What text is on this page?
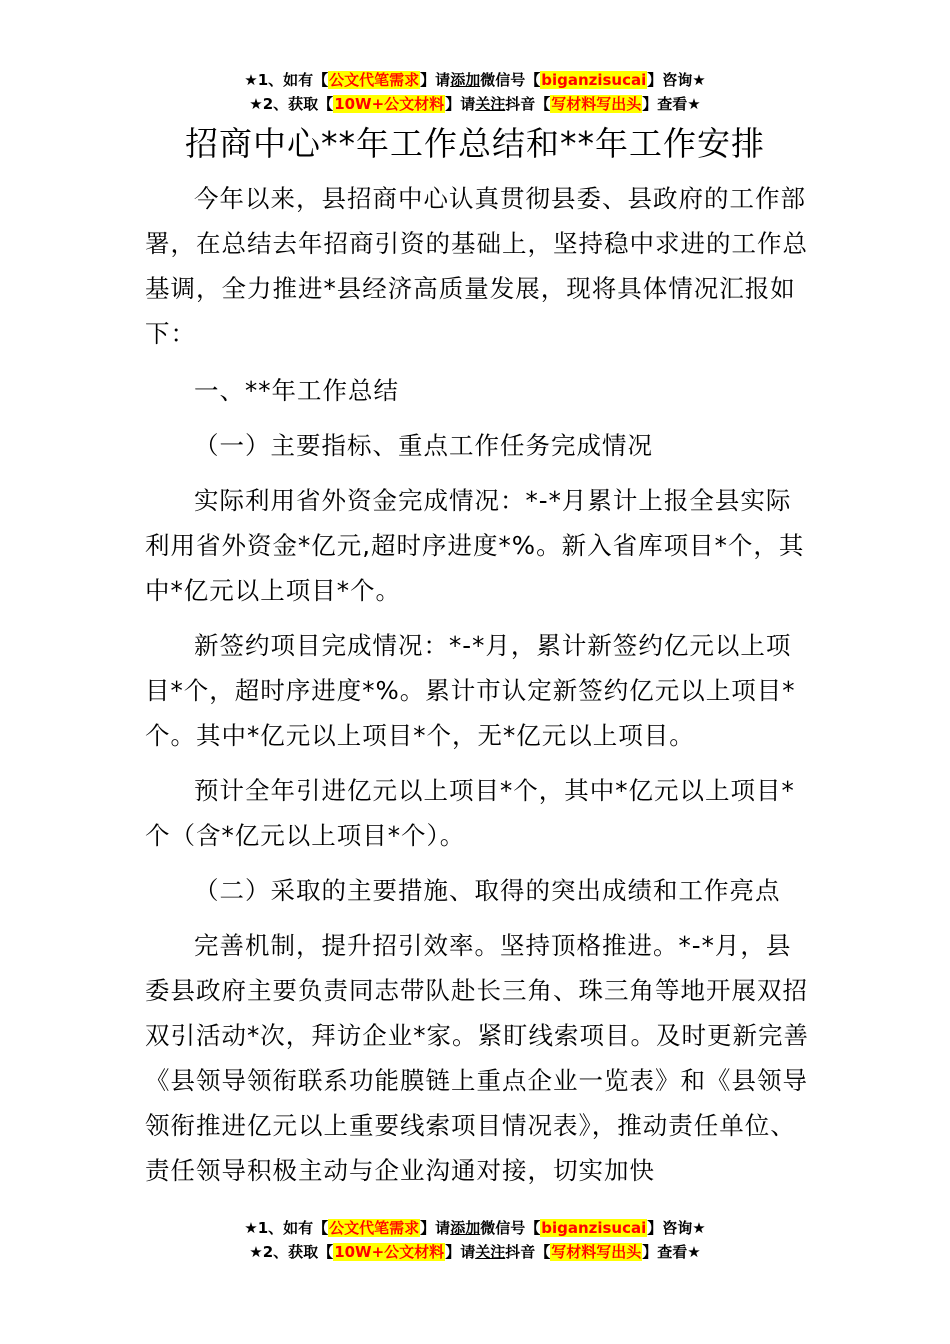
★1、如有【公文代笔需求】请添加微信号【biganzisucai】咨询★
★2、获取【10W+公文材料】请关注抖音【写材料写出头】查看★
招商中心**年工作总结和**年工作安排

今年以来，县招商中心认真贯彻县委、县政府的工作部署，在总结去年招商引资的基础上，坚持稳中求进的工作总基调，全力推进*县经济高质量发展，现将具体情况汇报如下：

一、**年工作总结

（一）主要指标、重点工作任务完成情况

实际利用省外资金完成情况：*-*月累计上报全县实际利用省外资金*亿元,超时序进度*%。新入省库项目*个，其中*亿元以上项目*个。

新签约项目完成情况：*-*月，累计新签约亿元以上项目*个，超时序进度*%。累计市认定新签约亿元以上项目*个。其中*亿元以上项目*个，无*亿元以上项目。

预计全年引进亿元以上项目*个，其中*亿元以上项目*个（含*亿元以上项目*个）。

（二）采取的主要措施、取得的突出成绩和工作亮点

完善机制，提升招引效率。坚持顶格推进。*-*月，县委县政府主要负责同志带队赴长三角、珠三角等地开展双招双引活动*次，拜访企业*家。紧盯线索项目。及时更新完善《县领导领衔联系功能膜链上重点企业一览表》和《县领导领衔推进亿元以上重要线索项目情况表》，推动责任单位、责任领导积极主动与企业沟通对接，切实加快

★1、如有【公文代笔需求】请添加微信号【biganzisucai】咨询★
★2、获取【10W+公文材料】请关注抖音【写材料写出头】查看★
